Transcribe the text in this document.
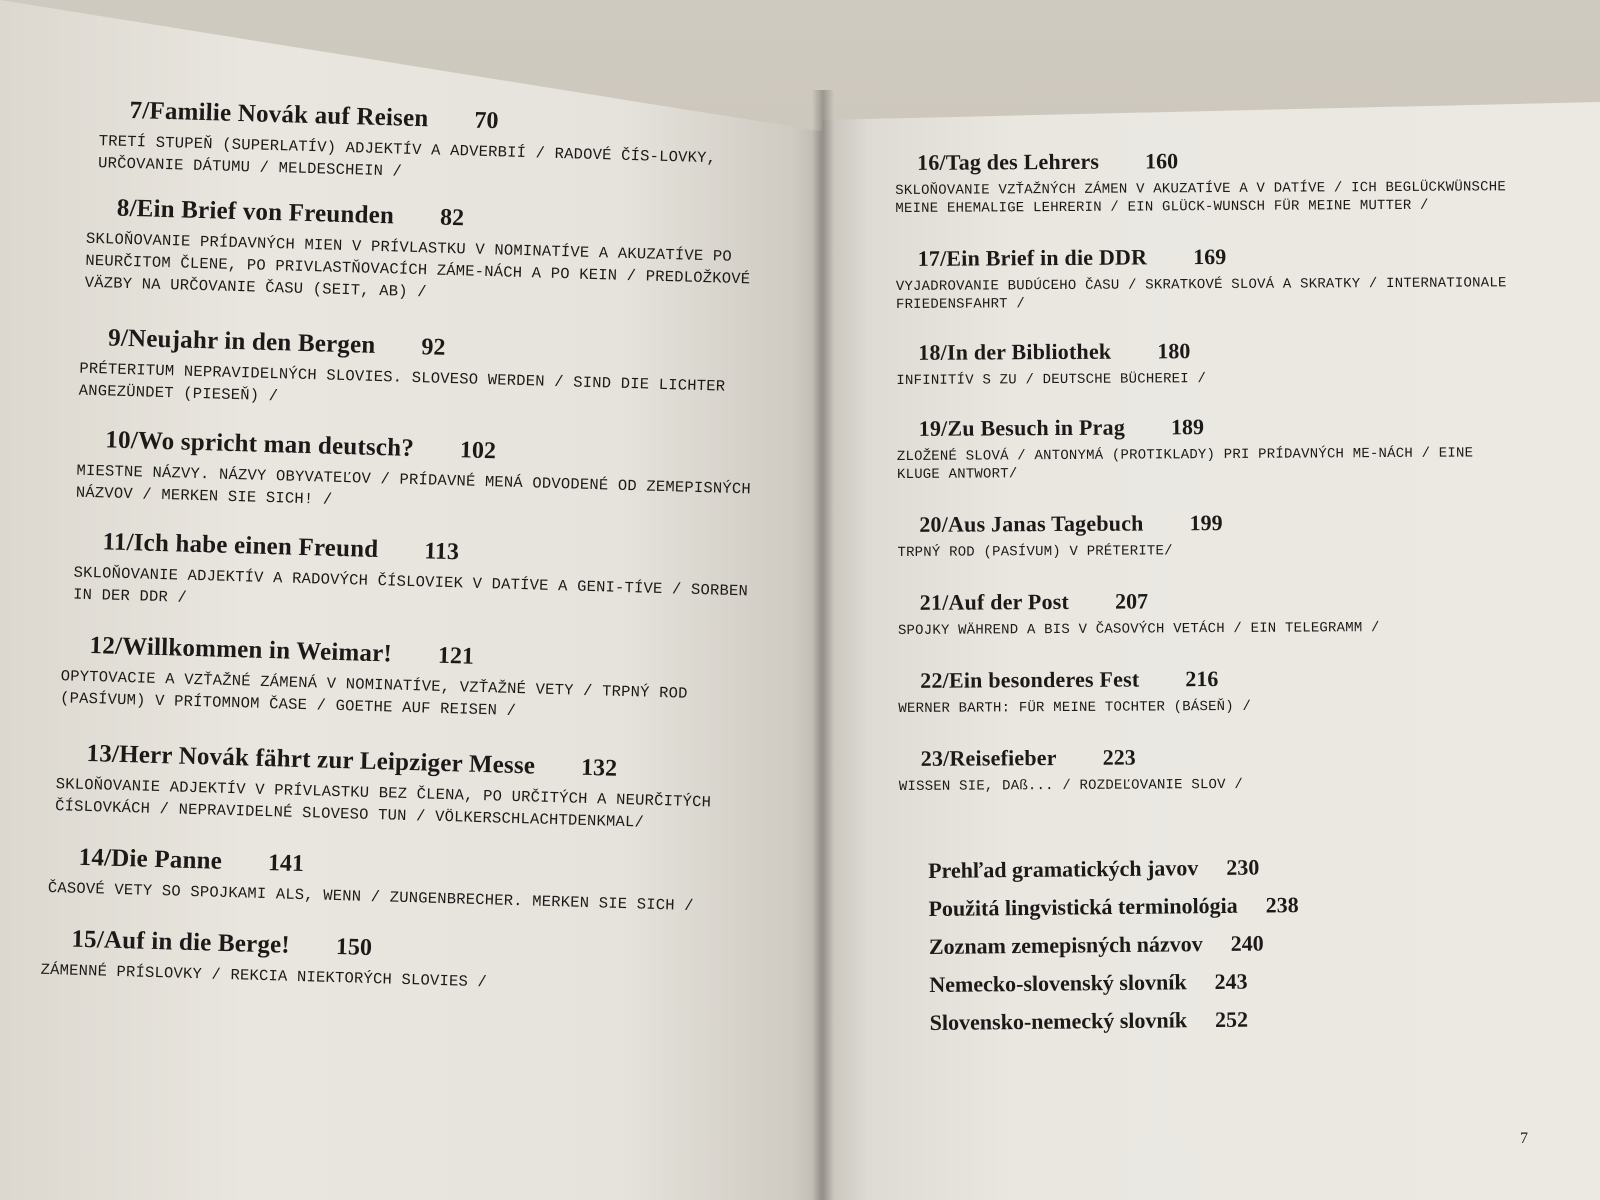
7/Familie Novák auf Reisen 70
TRETÍ STUPEŇ (SUPERLATÍV) ADJEKTÍV A ADVERBIÍ / RADOVÉ ČÍS-LOVKY, URČOVANIE DÁTUMU / MELDESCHEIN /
8/Ein Brief von Freunden 82
SKLOŇOVANIE PRÍDAVNÝCH MIEN V PRÍVLASTKU V NOMINATÍVE A AKUZATÍVE PO NEURČITOM ČLENE, PO PRIVLASTŇOVACÍCH ZÁME-NÁCH A PO KEIN / PREDLOŽKOVÉ VÄZBY NA URČOVANIE ČASU (SEIT, AB) /
9/Neujahr in den Bergen 92
PRÉTERITUM NEPRAVIDELNÝCH SLOVIES. SLOVESO WERDEN / SIND DIE LICHTER ANGEZÜNDET (PIESEŇ) /
10/Wo spricht man deutsch? 102
MIESTNE NÁZVY. NÁZVY OBYVATEĽOV / PRÍDAVNÉ MENÁ ODVODENÉ OD ZEMEPISNÝCH NÁZVOV / MERKEN SIE SICH! /
11/Ich habe einen Freund 113
SKLOŇOVANIE ADJEKTÍV A RADOVÝCH ČÍSLOVIEK V DATÍVE A GENI-TÍVE / SORBEN IN DER DDR /
12/Willkommen in Weimar! 121
OPYTOVACIE A VZŤAŽNÉ ZÁMENÁ V NOMINATÍVE, VZŤAŽNÉ VETY / TRPNÝ ROD (PASÍVUM) V PRÍTOMNOM ČASE / GOETHE AUF REISEN /
13/Herr Novák fährt zur Leipziger Messe 132
SKLOŇOVANIE ADJEKTÍV V PRÍVLASTKU BEZ ČLENA, PO URČITÝCH A NEURČITÝCH ČÍSLOVKÁCH / NEPRAVIDELNÉ SLOVESO TUN / VÖLKERSCHLACHTDENKMAL/
14/Die Panne 141
ČASOVÉ VETY SO SPOJKAMI ALS, WENN / ZUNGENBRECHER. MERKEN SIE SICH /
15/Auf in die Berge! 150
ZÁMENNÉ PRÍSLOVKY / REKCIA NIEKTORÝCH SLOVIES /
16/Tag des Lehrers 160
SKLOŇOVANIE VZŤAŽNÝCH ZÁMEN V AKUZATÍVE A V DATÍVE / ICH BEGLÜCKWÜNSCHE MEINE EHEMALIGE LEHRERIN / EIN GLÜCK-WUNSCH FÜR MEINE MUTTER /
17/Ein Brief in die DDR 169
VYJADROVANIE BUDÚCEHO ČASU / SKRATKOVÉ SLOVÁ A SKRATKY / INTERNATIONALE FRIEDENSFAHRT /
18/In der Bibliothek 180
INFINITÍV S ZU / DEUTSCHE BÜCHEREI /
19/Zu Besuch in Prag 189
ZLOŽENÉ SLOVÁ / ANTONYMÁ (PROTIKLADY) PRI PRÍDAVNÝCH ME-NÁCH / EINE KLUGE ANTWORT/
20/Aus Janas Tagebuch 199
TRPNÝ ROD (PASÍVUM) V PRÉTERITE/
21/Auf der Post 207
SPOJKY WÄHREND A BIS V ČASOVÝCH VETÁCH / EIN TELEGRAMM /
22/Ein besonderes Fest 216
WERNER BARTH: FÜR MEINE TOCHTER (BÁSEŇ) /
23/Reisefieber 223
WISSEN SIE, DAß... / ROZDEĽOVANIE SLOV /
Prehľad gramatických javov 230
Použitá lingvistická terminológia 238
Zoznam zemepisných názvov 240
Nemecko-slovenský slovník 243
Slovensko-nemecký slovník 252
7
